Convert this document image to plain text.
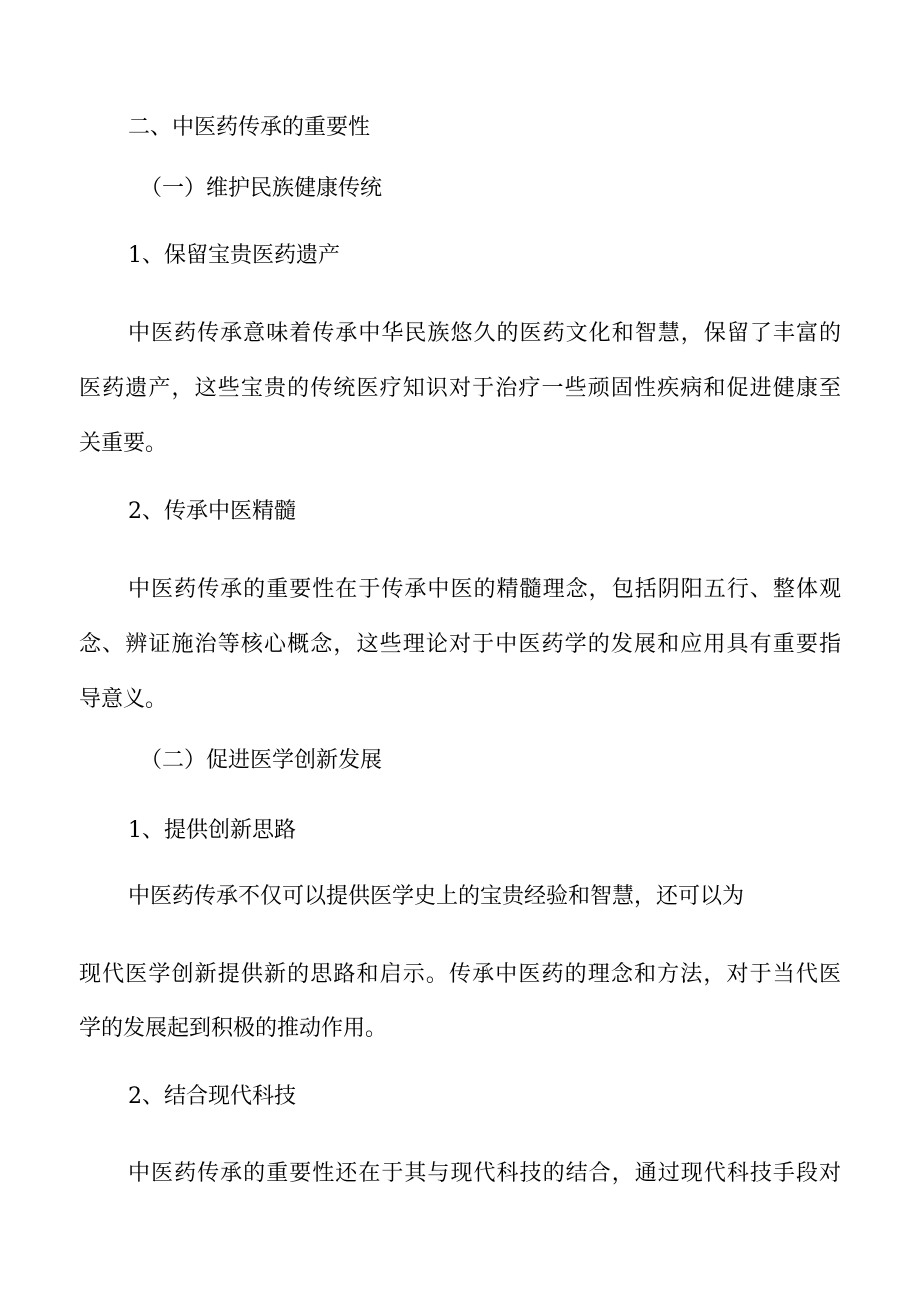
二、中医药传承的重要性

（一）维护民族健康传统

1、保留宝贵医药遗产

中医药传承意味着传承中华民族悠久的医药文化和智慧，保留了丰富的

医药遗产，这些宝贵的传统医疗知识对于治疗一些顽固性疾病和促进健康至

关重要。

2、传承中医精髓

中医药传承的重要性在于传承中医的精髓理念，包括阴阳五行、整体观

念、辨证施治等核心概念，这些理论对于中医药学的发展和应用具有重要指

导意义。

（二）促进医学创新发展

1、提供创新思路

中医药传承不仅可以提供医学史上的宝贵经验和智慧，还可以为

现代医学创新提供新的思路和启示。传承中医药的理念和方法，对于当代医

学的发展起到积极的推动作用。

2、结合现代科技

中医药传承的重要性还在于其与现代科技的结合，通过现代科技手段对
